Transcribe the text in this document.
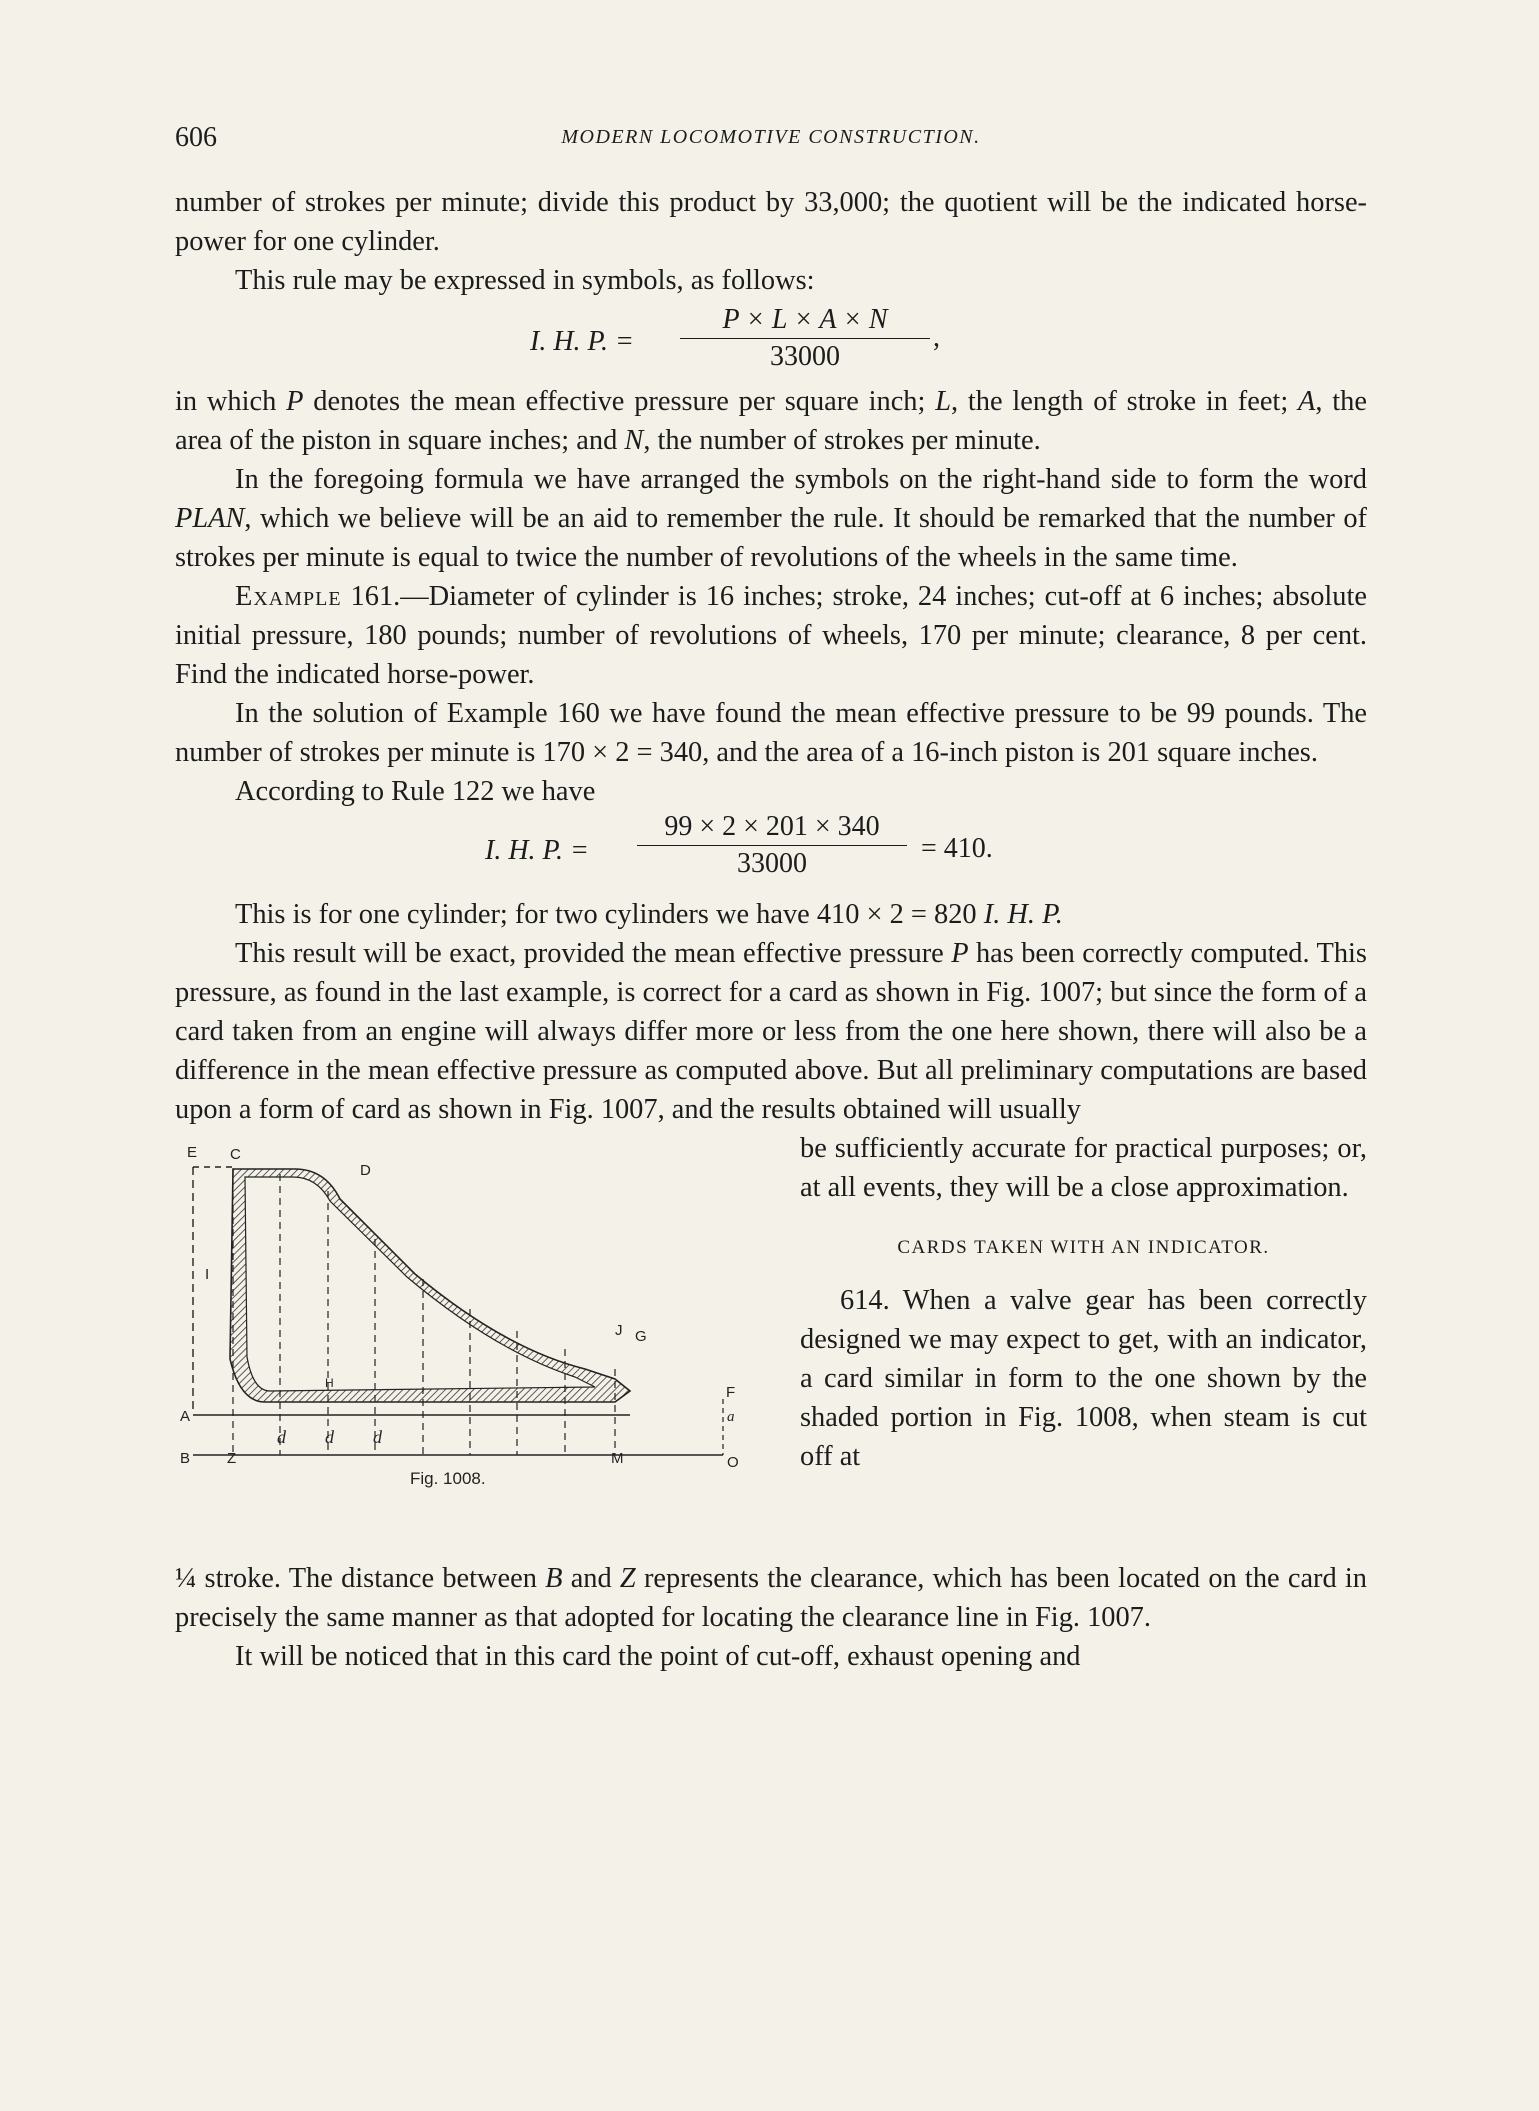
606	MODERN LOCOMOTIVE CONSTRUCTION.

number of strokes per minute; divide this product by 33,000; the quotient will be the indicated horse-power for one cylinder.

This rule may be expressed in symbols, as follows:

I. H. P. =
P × L × A × N
33000
,

in which P denotes the mean effective pressure per square inch; L, the length of stroke in feet; A, the area of the piston in square inches; and N, the number of strokes per minute.

In the foregoing formula we have arranged the symbols on the right-hand side to form the word PLAN, which we believe will be an aid to remember the rule. It should be remarked that the number of strokes per minute is equal to twice the number of revolutions of the wheels in the same time.

Example 161.—Diameter of cylinder is 16 inches; stroke, 24 inches; cut-off at 6 inches; absolute initial pressure, 180 pounds; number of revolutions of wheels, 170 per minute; clearance, 8 per cent. Find the indicated horse-power.

In the solution of Example 160 we have found the mean effective pressure to be 99 pounds. The number of strokes per minute is 170 × 2 = 340, and the area of a 16-inch piston is 201 square inches.

According to Rule 122 we have

I. H. P. =
99 × 2 × 201 × 340
33000	= 410.

This is for one cylinder; for two cylinders we have 410 × 2 = 820 I. H. P.

This result will be exact, provided the mean effective pressure P has been correctly computed. This pressure, as found in the last example, is correct for a card as shown in Fig. 1007; but since the form of a card taken from an engine will always differ more or less from the one here shown, there will also be a difference in the mean effective pressure as computed above. But all preliminary computations are based upon a form of card as shown in Fig. 1007, and the results obtained will usually

E C
D
I
A
B Z	M	O
F
a
G
J
H
d d d
Fig. 1008.

be sufficiently accurate for practical purposes; or, at all events, they will be a close approximation.

CARDS TAKEN WITH AN INDICATOR.

614. When a valve gear has been correctly designed we may expect to get, with an indicator, a card similar in form to the one shown by the shaded portion in Fig. 1008, when steam is cut off at

¼ stroke. The distance between B and Z represents the clearance, which has been located on the card in precisely the same manner as that adopted for locating the clearance line in Fig. 1007.

It will be noticed that in this card the point of cut-off, exhaust opening and
